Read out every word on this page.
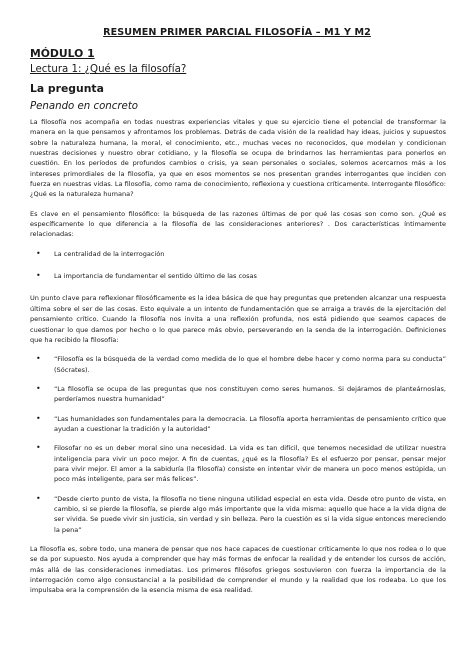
RESUMEN PRIMER PARCIAL FILOSOFÍA – M1 Y M2
MÓDULO 1
Lectura 1: ¿Qué es la filosofía?
La pregunta
Penando en concreto

La filosofía nos acompaña en todas nuestras experiencias vitales y que su ejercicio tiene el potencial de transformar la manera en la que pensamos y afrontamos los problemas. Detrás de cada visión de la realidad hay ideas, juicios y supuestos sobre la naturaleza humana, la moral, el conocimiento, etc., muchas veces no reconocidos, que modelan y condicionan nuestras decisiones y nuestro obrar cotidiano, y la filosofía se ocupa de brindarnos las herramientas para ponerlos en cuestión. En los períodos de profundos cambios o crisis, ya sean personales o sociales, solemos acercarnos más a los intereses primordiales de la filosofía, ya que en esos momentos se nos presentan grandes interrogantes que inciden con fuerza en nuestras vidas. La filosofía, como rama de conocimiento, reflexiona y cuestiona críticamente. Interrogante filosófico: ¿Qué es la naturaleza humana?

Es clave en el pensamiento filosófico: la búsqueda de las razones últimas de por qué las cosas son como son. ¿Qué es específicamente lo que diferencia a la filosofía de las consideraciones anteriores? . Dos características íntimamente relacionadas:

• La centralidad de la interrogación
• La importancia de fundamentar el sentido último de las cosas

Un punto clave para reflexionar filosóficamente es la idea básica de que hay preguntas que pretenden alcanzar una respuesta última sobre el ser de las cosas. Esto equivale a un intento de fundamentación que se arraiga a través de la ejercitación del pensamiento crítico. Cuando la filosofía nos invita a una reflexión profunda, nos está pidiendo que seamos capaces de cuestionar lo que damos por hecho o lo que parece más obvio, perseverando en la senda de la interrogación. Definiciones que ha recibido la filosofía:

• “Filosofía es la búsqueda de la verdad como medida de lo que el hombre debe hacer y como norma para su conducta” (Sócrates).
• “La filosofía se ocupa de las preguntas que nos constituyen como seres humanos. Si dejáramos de planteárnoslas, perderíamos nuestra humanidad”
• “Las humanidades son fundamentales para la democracia. La filosofía aporta herramientas de pensamiento crítico que ayudan a cuestionar la tradición y la autoridad”
• Filosofar no es un deber moral sino una necesidad. La vida es tan difícil, que tenemos necesidad de utilizar nuestra inteligencia para vivir un poco mejor. A fin de cuentas, ¿qué es la filosofía? Es el esfuerzo por pensar, pensar mejor para vivir mejor. El amor a la sabiduría (la filosofía) consiste en intentar vivir de manera un poco menos estúpida, un poco más inteligente, para ser más felices”.
• “Desde cierto punto de vista, la filosofía no tiene ninguna utilidad especial en esta vida. Desde otro punto de vista, en cambio, si se pierde la filosofía, se pierde algo más importante que la vida misma: aquello que hace a la vida digna de ser vivida. Se puede vivir sin justicia, sin verdad y sin belleza. Pero la cuestión es si la vida sigue entonces mereciendo la pena”

La filosofía es, sobre todo, una manera de pensar que nos hace capaces de cuestionar críticamente lo que nos rodea o lo que se da por supuesto. Nos ayuda a comprender que hay más formas de enfocar la realidad y de entender los cursos de acción, más allá de las consideraciones inmediatas. Los primeros filósofos griegos sostuvieron con fuerza la importancia de la interrogación como algo consustancial a la posibilidad de comprender el mundo y la realidad que los rodeaba. Lo que los impulsaba era la comprensión de la esencia misma de esa realidad.
